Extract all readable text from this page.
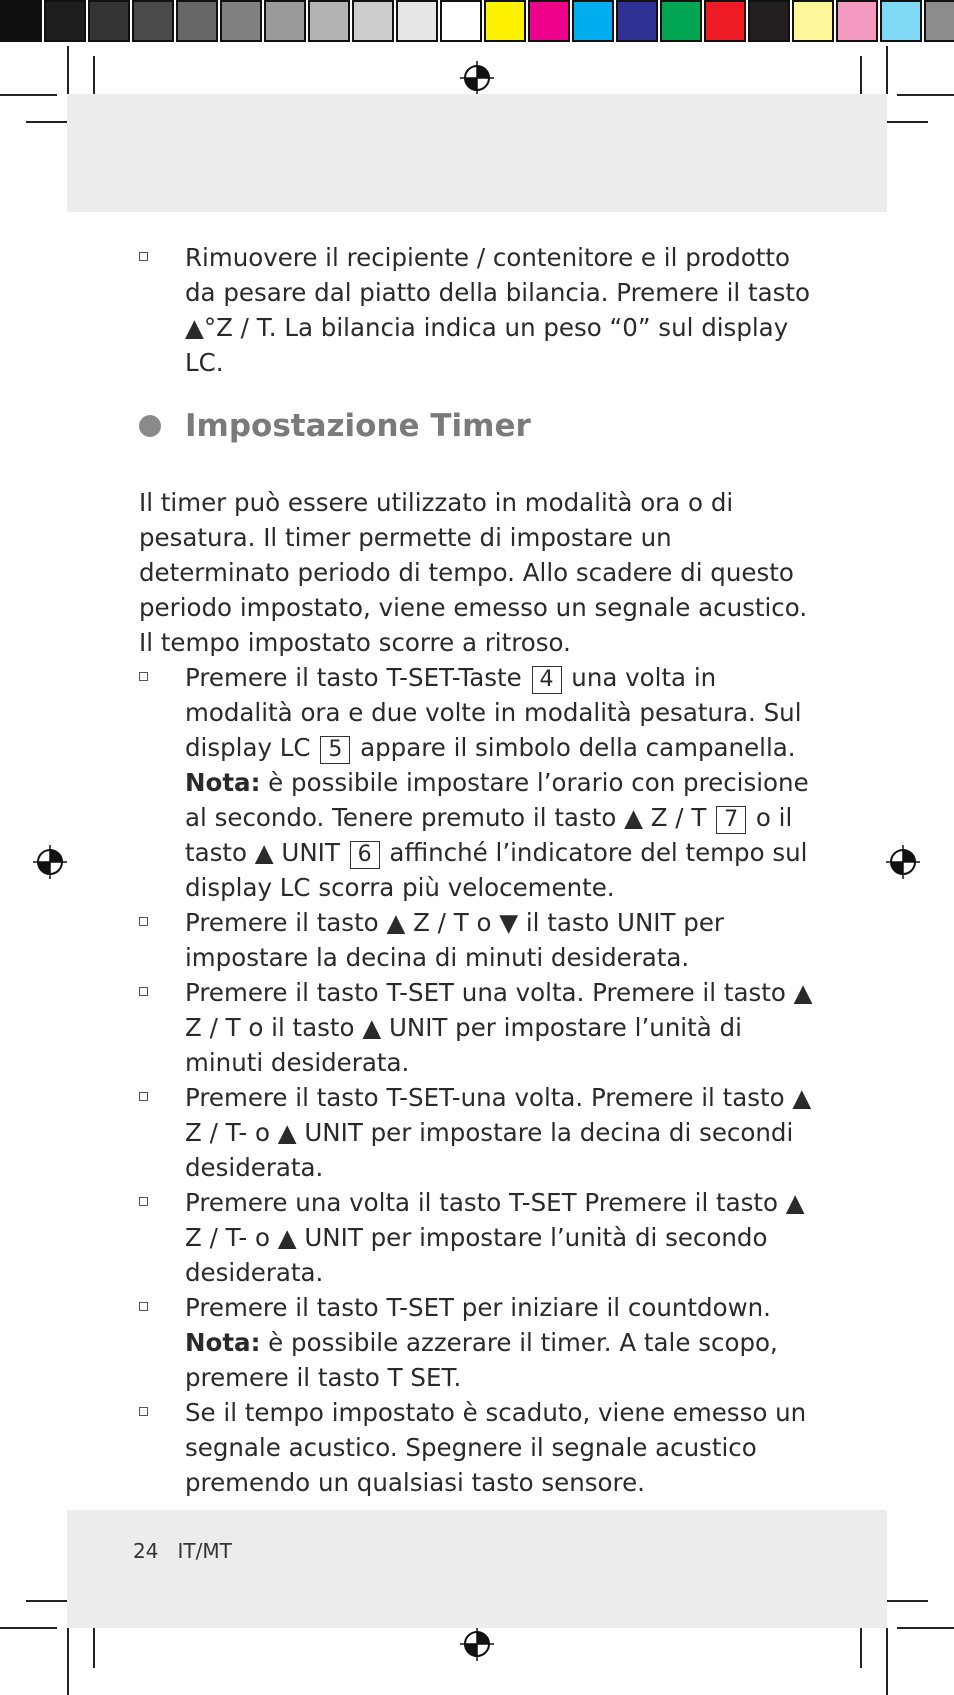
Rimuovere il recipiente / contenitore e il prodotto da pesare dal piatto della bilancia. Premere il tasto ▲°Z / T. La bilancia indica un peso “0” sul display LC.

Impostazione Timer

Il timer può essere utilizzato in modalità ora o di pesatura. Il timer permette di impostare un determinato periodo di tempo. Allo scadere di questo periodo impostato, viene emesso un segnale acustico. Il tempo impostato scorre a ritroso.

Premere il tasto T-SET-Taste 4 una volta in modalità ora e due volte in modalità pesatura. Sul display LC 5 appare il simbolo della campanella.
Nota: è possibile impostare l’orario con precisione al secondo. Tenere premuto il tasto ▲ Z / T 7 o il tasto ▲ UNIT 6 affinché l’indicatore del tempo sul display LC scorra più velocemente.

Premere il tasto ▲ Z / T o ▼ il tasto UNIT per impostare la decina di minuti desiderata.

Premere il tasto T-SET una volta. Premere il tasto ▲ Z / T o il tasto ▲ UNIT per impostare l’unità di minuti desiderata.

Premere il tasto T-SET-una volta. Premere il tasto ▲ Z / T- o ▲ UNIT per impostare la decina di secondi desiderata.

Premere una volta il tasto T-SET Premere il tasto ▲ Z / T- o ▲ UNIT per impostare l’unità di secondo desiderata.

Premere il tasto T-SET per iniziare il countdown.
Nota: è possibile azzerare il timer. A tale scopo, premere il tasto T SET.

Se il tempo impostato è scaduto, viene emesso un segnale acustico. Spegnere il segnale acustico premendo un qualsiasi tasto sensore.

24 IT/MT
